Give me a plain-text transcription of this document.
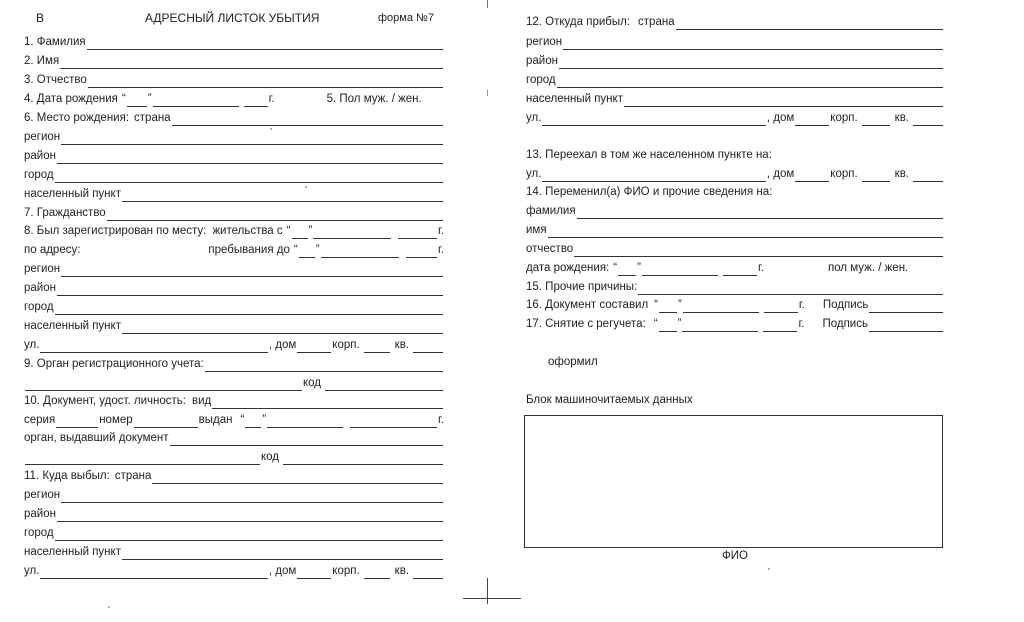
В	АДРЕСНЫЙ ЛИСТОК УБЫТИЯ	форма №7
1. Фамилия
2. Имя
3. Отчество
4. Дата рождения “ ”	г.	5. Пол муж. / жен.
6. Место рождения: страна
регион
район
город
населенный пункт
7. Гражданство
8. Был зарегистрирован по месту: жительства с “ ”	г.
по адресу:	пребывания до “ ”	г.
регион
район
город
населенный пункт
ул.	, дом	корп.	кв.
9. Орган регистрационного учета:
код
10. Документ, удост. личность: вид
серия	номер	выдан “ ”	г.
орган, выдавший документ
код
11. Куда выбыл: страна
регион
район
город
населенный пункт
ул.	, дом	корп.	кв.
12. Откуда прибыл: страна
регион
район
город
населенный пункт
ул.	, дом	корп.	кв.
13. Переехал в том же населенном пункте на:
ул.	, дом	корп.	кв.
14. Переменил(а) ФИО и прочие сведения на:
фамилия
имя
отчество
дата рождения: “ ”	г.	пол муж. / жен.
15. Прочие причины:
16. Документ составил “ ”	г. Подпись
17. Снятие с регучета: “ ”	г. Подпись
оформил
Блок машиночитаемых данных
ФИО
